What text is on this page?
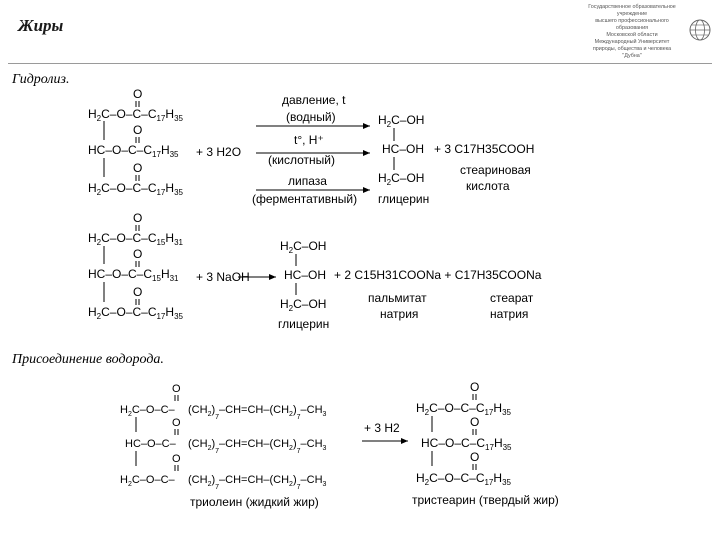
Жиры
Государственное образовательное учреждение
высшего профессионального образования
Московской области
Международный Университет
природы, общества и человека
"Дубна"
Гидролиз.
Присоединение водорода.
$H_2C-O-C-C_{17}H_{35}$
O
$HC-O-C-C_{17}H_{35}$
O
$H_2C-O-C-C_{17}H_{35}$
O
+ 3 H2O
давление, t
(водный)
t°, H⁺
(кислотный)
липаза
(ферментативный)
$H_2C-OH$
HC–OH
$H_2C-OH$
глицерин
+ 3 C17H35COOH
стеариновая
кислота
$H_2C-O-C-C_{15}H_{31}$
O
$HC-O-C-C_{15}H_{31}$
O
$H_2C-O-C-C_{17}H_{35}$
O
+ 3 NaOH
$H_2C-OH$
HC–OH
$H_2C-OH$
глицерин
+ 2 C15H31COONa + C17H35COONa
пальмитат
натрия
стеарат
натрия
$H_2C-O-C-$
O
$(CH_2)_7-CH=CH-(CH_2)_7-CH_3$
HC–O–C–
O
$(CH_2)_7-CH=CH-(CH_2)_7-CH_3$
$H_2C-O-C-$
O
$(CH_2)_7-CH=CH-(CH_2)_7-CH_3$
триолеин (жидкий жир)
+ 3 H2
$H_2C-O-C-C_{17}H_{35}$
O
$HC-O-C-C_{17}H_{35}$
O
$H_2C-O-C-C_{17}H_{35}$
O
тристеарин (твердый жир)
